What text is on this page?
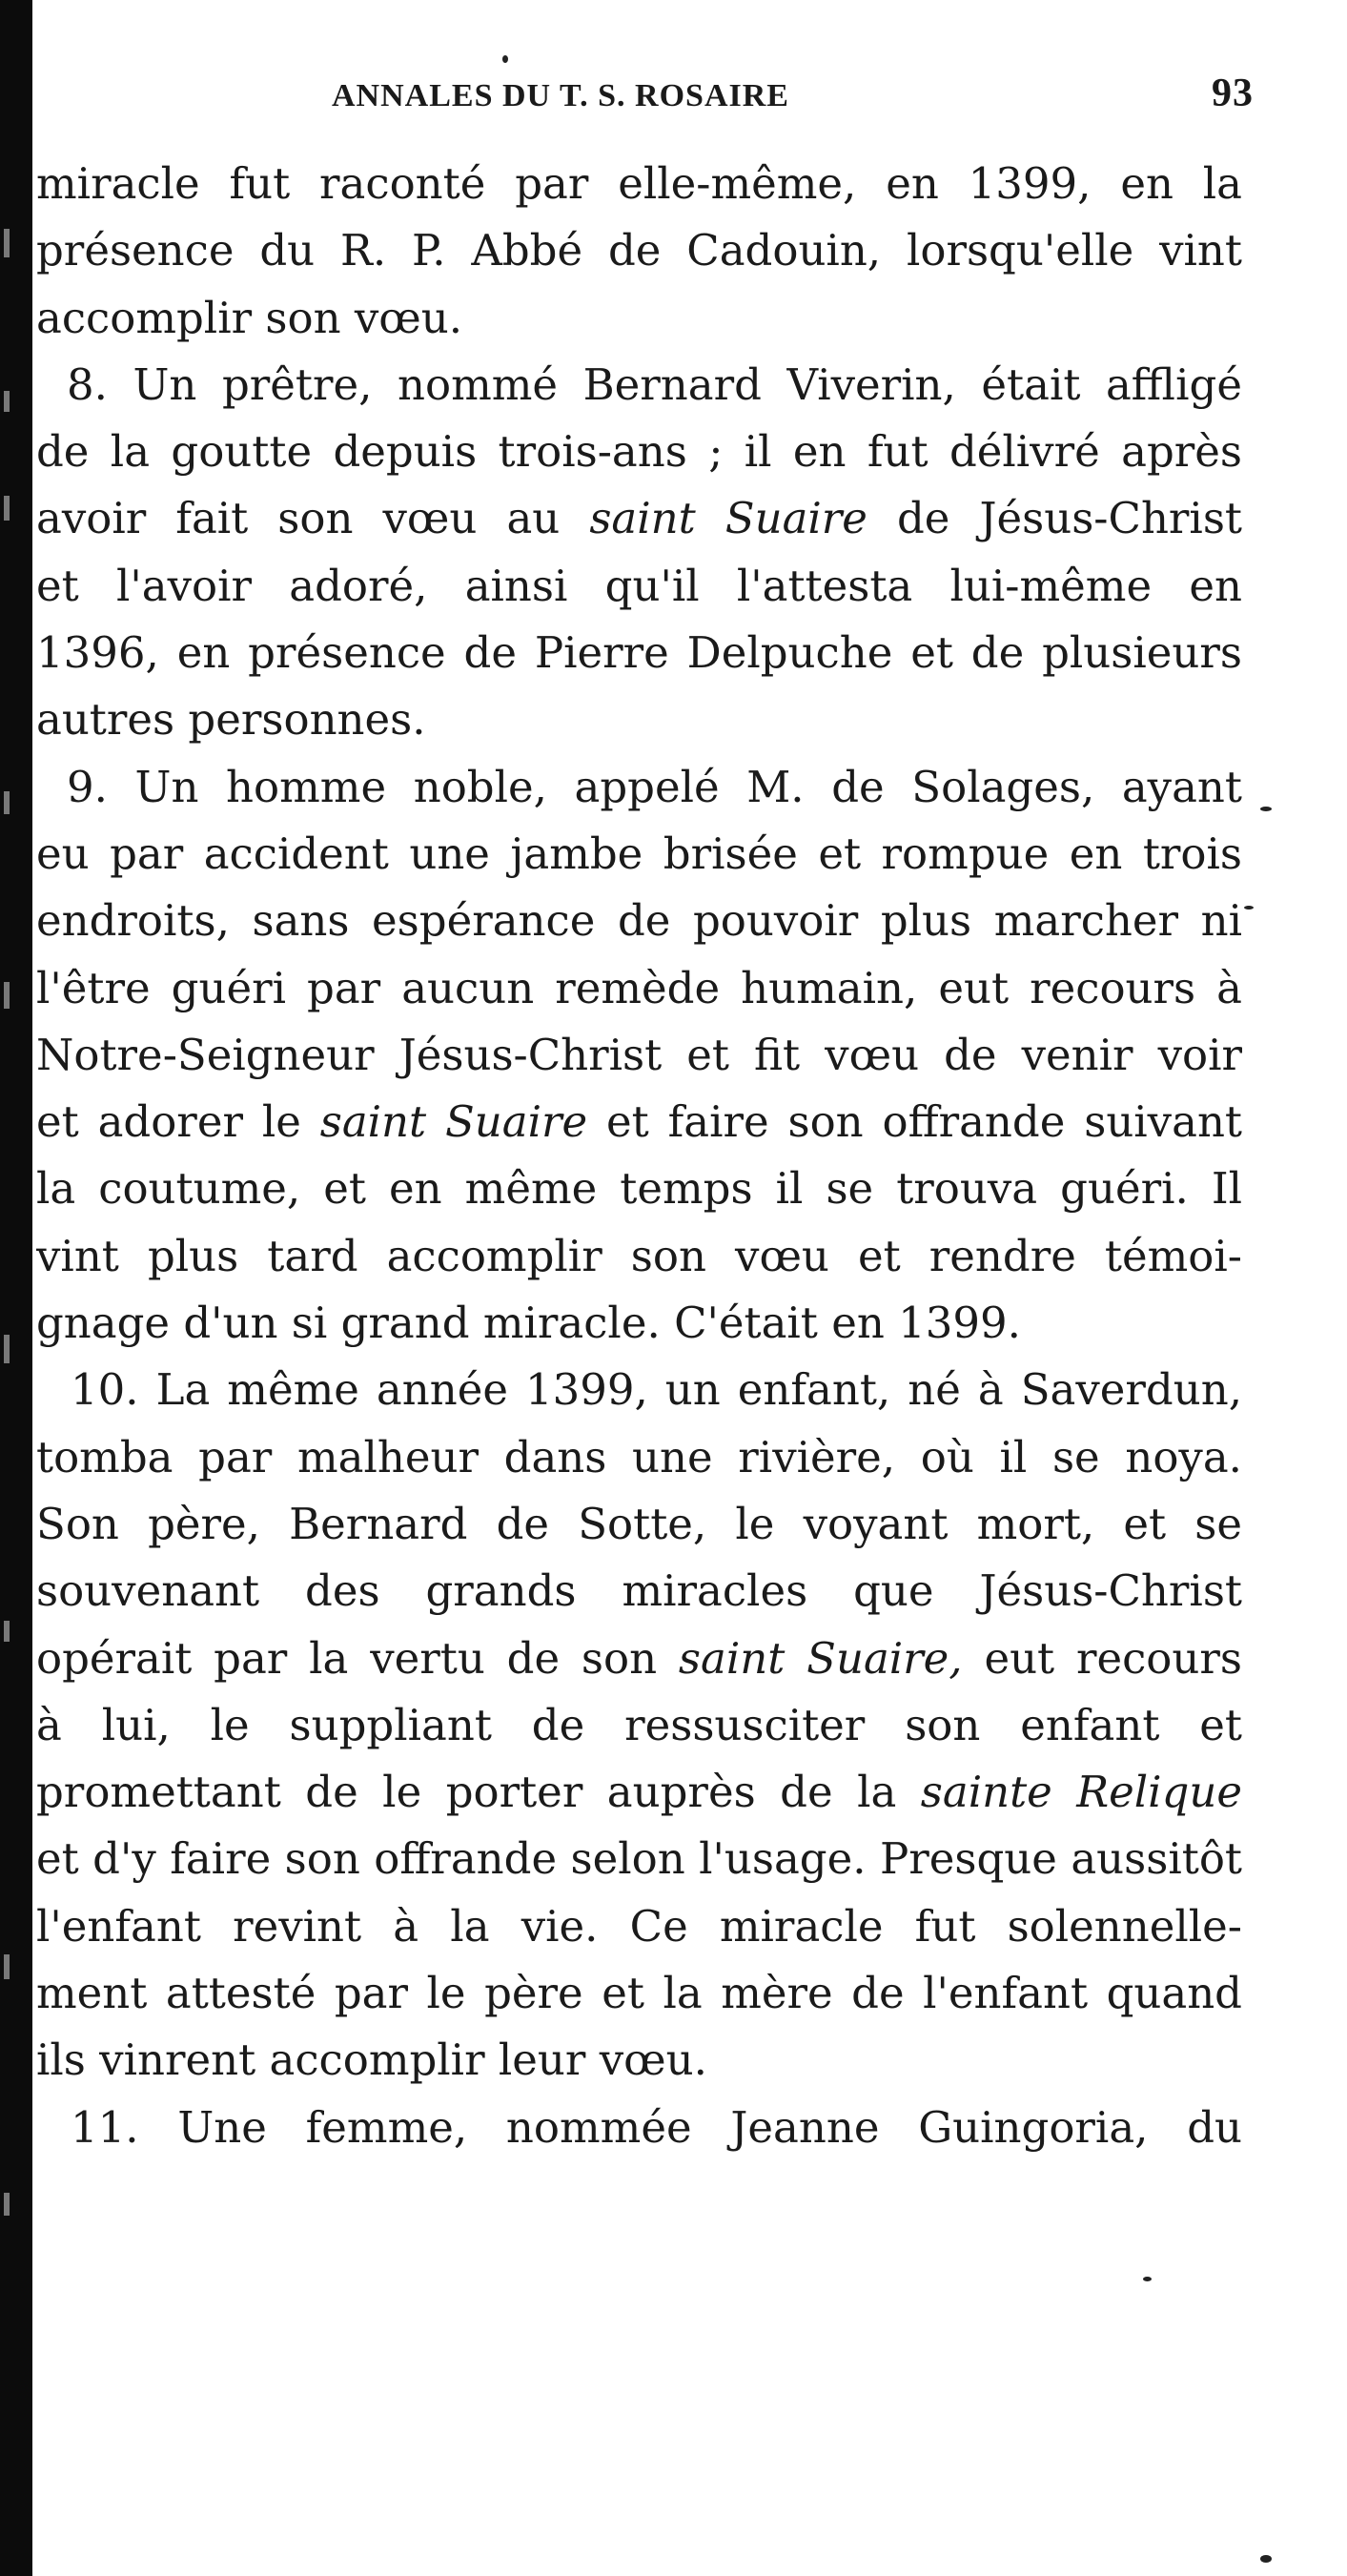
ANNALES DU T. S. ROSAIRE	93
miracle fut raconté par elle-même, en 1399, en la
présence du R. P. Abbé de Cadouin, lorsqu'elle vint
accomplir son vœu.
8. Un prêtre, nommé Bernard Viverin, était affligé
de la goutte depuis trois-ans ; il en fut délivré après
avoir fait son vœu au saint Suaire de Jésus-Christ
et l'avoir adoré, ainsi qu'il l'attesta lui-même en
1396, en présence de Pierre Delpuche et de plusieurs
autres personnes.
9. Un homme noble, appelé M. de Solages, ayant
eu par accident une jambe brisée et rompue en trois
endroits, sans espérance de pouvoir plus marcher ni
l'être guéri par aucun remède humain, eut recours à
Notre-Seigneur Jésus-Christ et fit vœu de venir voir
et adorer le saint Suaire et faire son offrande suivant
la coutume, et en même temps il se trouva guéri. Il
vint plus tard accomplir son vœu et rendre témoi-
gnage d'un si grand miracle. C'était en 1399.
10. La même année 1399, un enfant, né à Saverdun,
tomba par malheur dans une rivière, où il se noya.
Son père, Bernard de Sotte, le voyant mort, et se
souvenant des grands miracles que Jésus-Christ
opérait par la vertu de son saint Suaire, eut recours
à lui, le suppliant de ressusciter son enfant et
promettant de le porter auprès de la sainte Relique
et d'y faire son offrande selon l'usage. Presque aussitôt
l'enfant revint à la vie. Ce miracle fut solennelle-
ment attesté par le père et la mère de l'enfant quand
ils vinrent accomplir leur vœu.
11. Une femme, nommée Jeanne Guingoria, du
